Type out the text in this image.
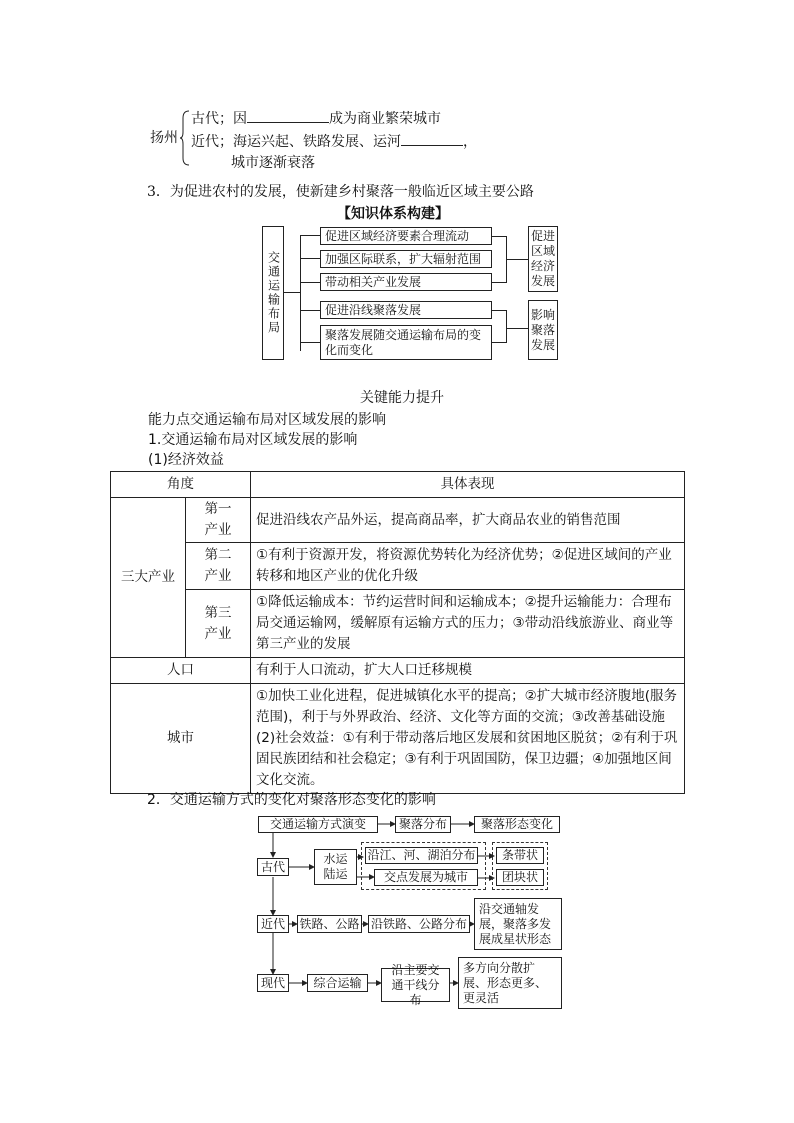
扬州
古代；因	成为商业繁荣城市
近代；海运兴起、铁路发展、运河	，
城市逐渐衰落
3．为促进农村的发展，使新建乡村聚落一般临近区域主要公路
【知识体系构建】
交通运输布局
促进区域经济要素合理流动
加强区际联系，扩大辐射范围
带动相关产业发展
促进沿线聚落发展
聚落发展随交通运输布局的变化而变化
促进区域经济发展
影响聚落发展
关键能力提升
能力点交通运输布局对区域发展的影响
1.交通运输布局对区域发展的影响
(1)经济效益
角度		具体表现
三大产业	第一产业	促进沿线农产品外运，提高商品率，扩大商品农业的销售范围
	第二产业	①有利于资源开发，将资源优势转化为经济优势；②促进区域间的产业转移和地区产业的优化升级
	第三产业	①降低运输成本：节约运营时间和运输成本；②提升运输能力：合理布局交通运输网，缓解原有运输方式的压力；③带动沿线旅游业、商业等第三产业的发展
人口		有利于人口流动，扩大人口迁移规模
城市		①加快工业化进程，促进城镇化水平的提高；②扩大城市经济腹地(服务范围)，利于与外界政治、经济、文化等方面的交流；③改善基础设施(2)社会效益：①有利于带动落后地区发展和贫困地区脱贫；②有利于巩固民族团结和社会稳定；③有利于巩固国防，保卫边疆；④加强地区间文化交流。
2．交通运输方式的变化对聚落形态变化的影响
交通运输方式演变	聚落分布	聚落形态变化
古代
水运陆运
沿江、河、湖泊分布
交点发展为城市
条带状
团块状
近代	铁路、公路 沿铁路、公路分布
沿交通轴发展，聚落多发展成星状形态
现代	综合运输
沿主要交通干线分布
多方向分散扩展、形态更多、更灵活
